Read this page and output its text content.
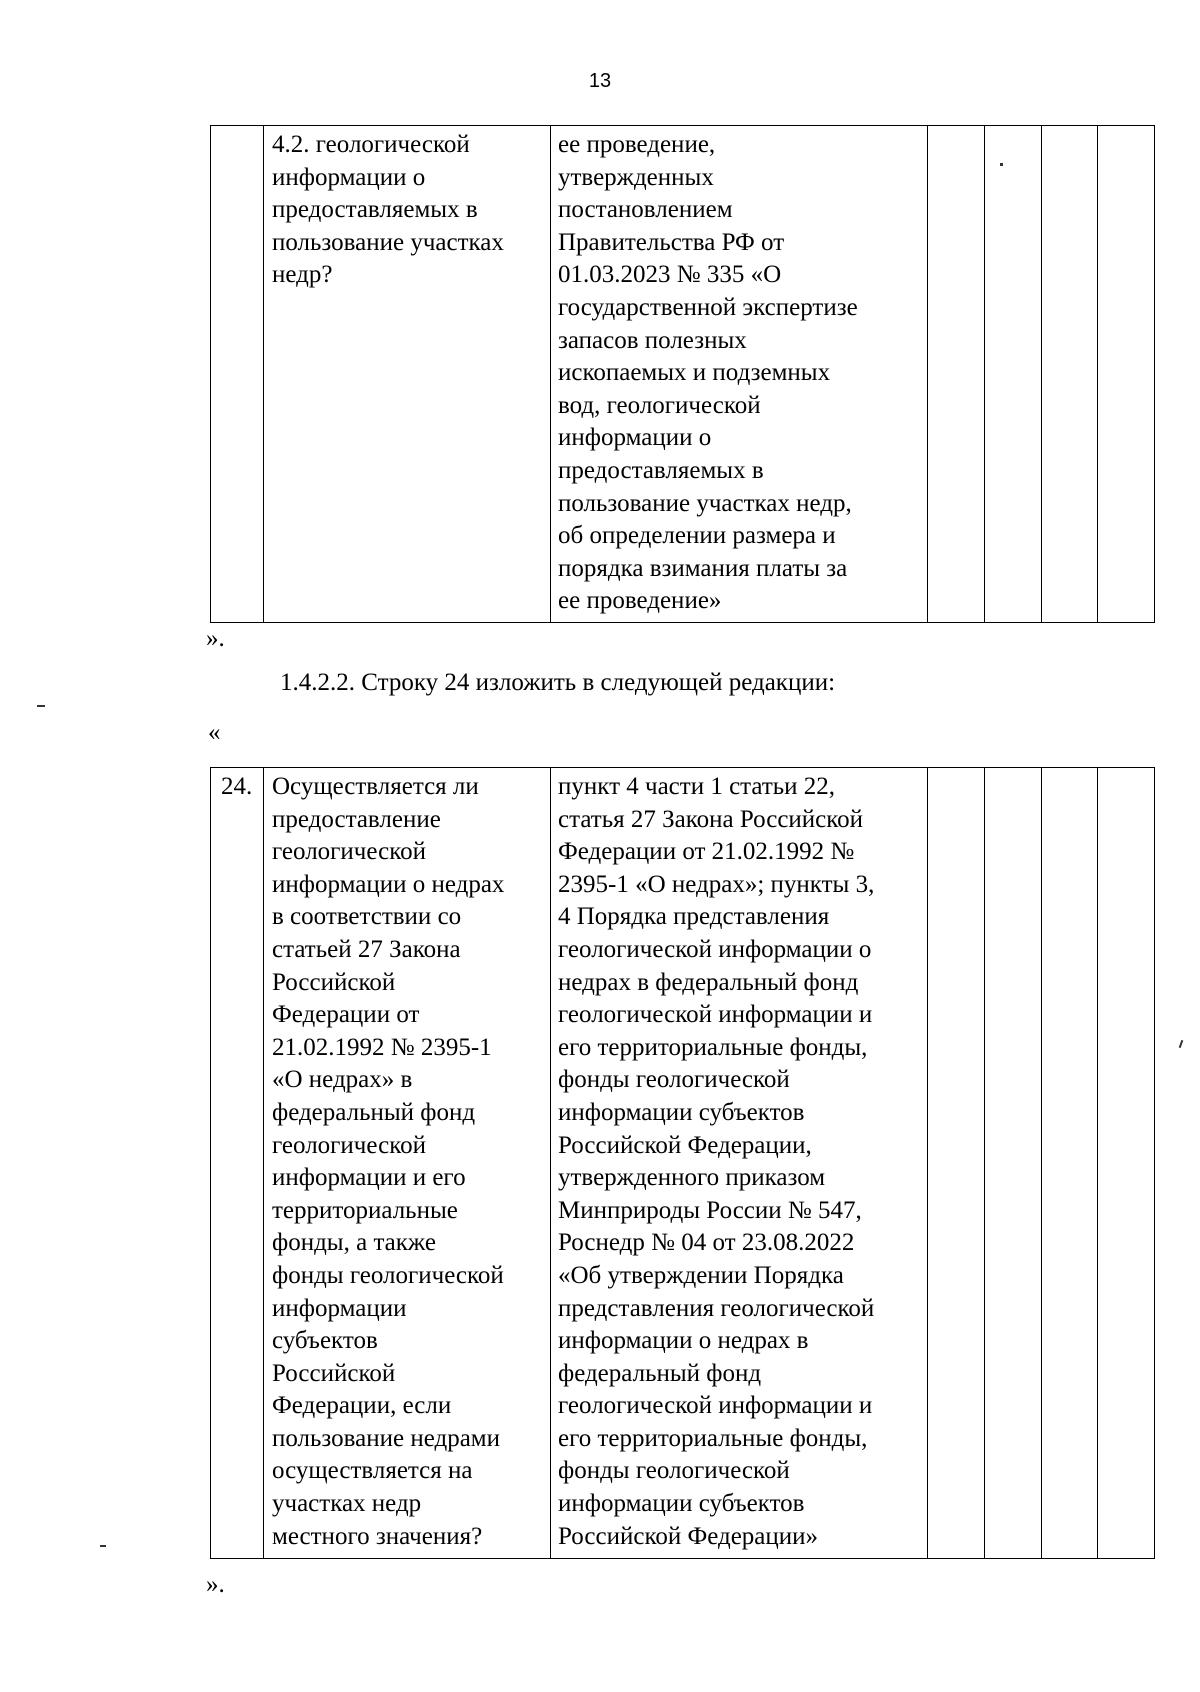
13
	4.2. геологической
информации о
предоставляемых в
пользование участках
недр?	ее проведение,
утвержденных
постановлением
Правительства РФ от
01.03.2023 № 335 «О
государственной экспертизе
запасов полезных
ископаемых и подземных
вод, геологической
информации о
предоставляемых в
пользование участках недр,
об определении размера и
порядка взимания платы за
ее проведение»				
».
1.4.2.2. Строку 24 изложить в следующей редакции:
«
24.	Осуществляется ли
предоставление
геологической
информации о недрах
в соответствии со
статьей 27 Закона
Российской
Федерации от
21.02.1992 № 2395-1
«О недрах» в
федеральный фонд
геологической
информации и его
территориальные
фонды, а также
фонды геологической
информации
субъектов
Российской
Федерации, если
пользование недрами
осуществляется на
участках недр
местного значения?	пункт 4 части 1 статьи 22,
статья 27 Закона Российской
Федерации от 21.02.1992 №
2395-1 «О недрах»; пункты 3,
4 Порядка представления
геологической информации о
недрах в федеральный фонд
геологической информации и
его территориальные фонды,
фонды геологической
информации субъектов
Российской Федерации,
утвержденного приказом
Минприроды России № 547,
Роснедр № 04 от 23.08.2022
«Об утверждении Порядка
представления геологической
информации о недрах в
федеральный фонд
геологической информации и
его территориальные фонды,
фонды геологической
информации субъектов
Российской Федерации»				
».
